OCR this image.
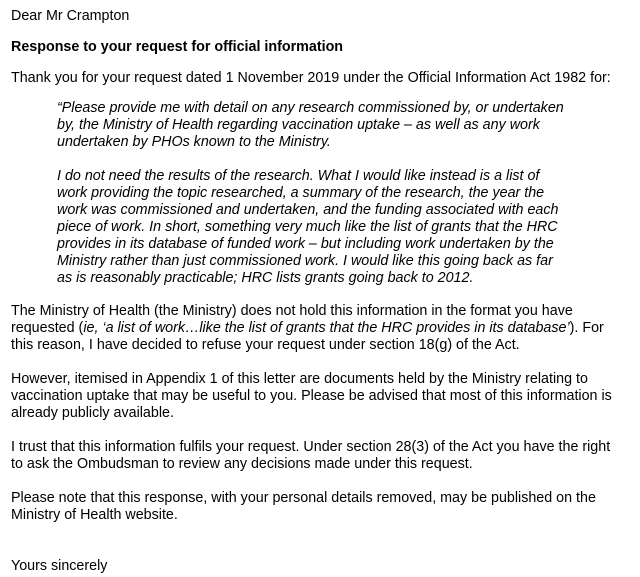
Dear Mr Crampton

Response to your request for official information

Thank you for your request dated 1 November 2019 under the Official Information Act 1982 for:

“Please provide me with detail on any research commissioned by, or undertaken by, the Ministry of Health regarding vaccination uptake – as well as any work undertaken by PHOs known to the Ministry.

I do not need the results of the research. What I would like instead is a list of work providing the topic researched, a summary of the research, the year the work was commissioned and undertaken, and the funding associated with each piece of work. In short, something very much like the list of grants that the HRC provides in its database of funded work – but including work undertaken by the Ministry rather than just commissioned work. I would like this going back as far as is reasonably practicable; HRC lists grants going back to 2012.

The Ministry of Health (the Ministry) does not hold this information in the format you have requested (ie, ‘a list of work…like the list of grants that the HRC provides in its database’). For this reason, I have decided to refuse your request under section 18(g) of the Act.

However, itemised in Appendix 1 of this letter are documents held by the Ministry relating to vaccination uptake that may be useful to you. Please be advised that most of this information is already publicly available.

I trust that this information fulfils your request. Under section 28(3) of the Act you have the right to ask the Ombudsman to review any decisions made under this request.

Please note that this response, with your personal details removed, may be published on the Ministry of Health website.

Yours sincerely
